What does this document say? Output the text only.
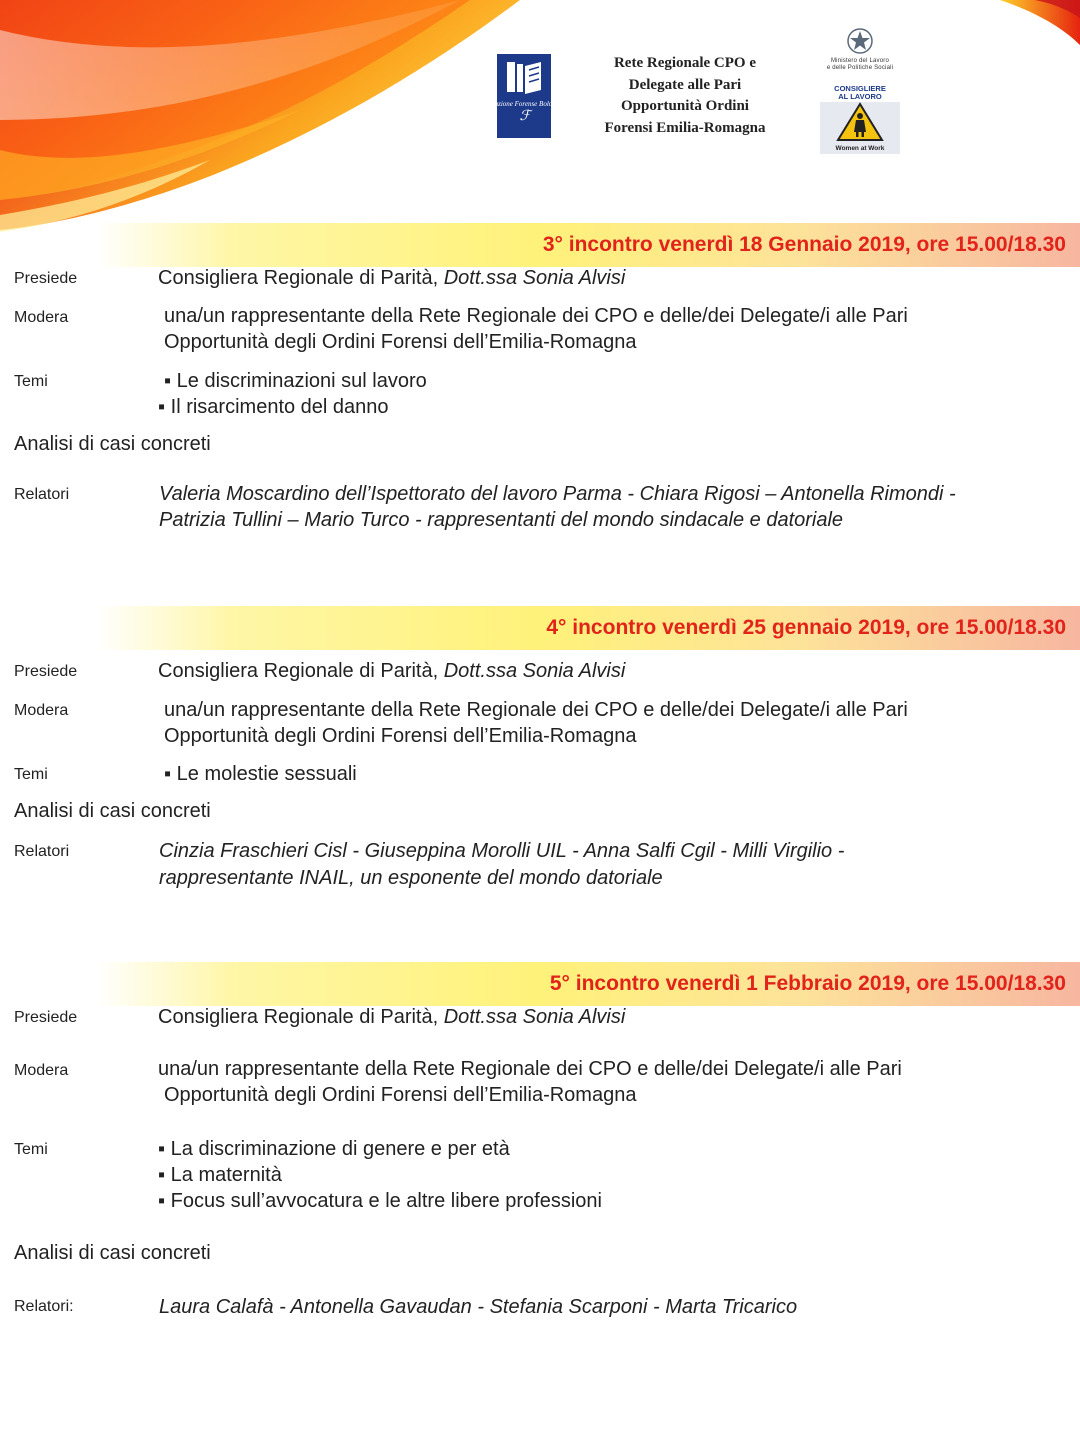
Fondazione Forense Bolognese
ℱ
Rete Regionale CPO e
Delegate alle Pari
Opportunità Ordini
Forensi Emilia-Romagna
Ministero del Lavoro
e delle Politiche Sociali
CONSIGLIERE
AL LAVORO
Women at Work
3° incontro venerdì 18 Gennaio 2019, ore 15.00/18.30
Presiede	Consigliera Regionale di Parità, Dott.ssa Sonia Alvisi
Modera	una/un rappresentante della Rete Regionale dei CPO e delle/dei Delegate/i alle Pari
Opportunità degli Ordini Forensi dell’Emilia-Romagna
Temi	▪ Le discriminazioni sul lavoro
▪ Il risarcimento del danno
Analisi di casi concreti
Relatori	Valeria Moscardino dell’Ispettorato del lavoro Parma - Chiara Rigosi – Antonella Rimondi -
Patrizia Tullini – Mario Turco - rappresentanti del mondo sindacale e datoriale
4° incontro venerdì 25 gennaio 2019, ore 15.00/18.30
Presiede	Consigliera Regionale di Parità, Dott.ssa Sonia Alvisi
Modera	una/un rappresentante della Rete Regionale dei CPO e delle/dei Delegate/i alle Pari
Opportunità degli Ordini Forensi dell’Emilia-Romagna
Temi	▪ Le molestie sessuali
Analisi di casi concreti
Relatori	Cinzia Fraschieri Cisl - Giuseppina Morolli UIL - Anna Salfi Cgil - Milli Virgilio -
rappresentante INAIL, un esponente del mondo datoriale
5° incontro venerdì 1 Febbraio 2019, ore 15.00/18.30
Presiede	Consigliera Regionale di Parità, Dott.ssa Sonia Alvisi
Modera	una/un rappresentante della Rete Regionale dei CPO e delle/dei Delegate/i alle Pari
Opportunità degli Ordini Forensi dell’Emilia-Romagna
Temi	▪ La discriminazione di genere e per età
▪ La maternità
▪ Focus sull’avvocatura e le altre libere professioni
Analisi di casi concreti
Relatori:	Laura Calafà - Antonella Gavaudan - Stefania Scarponi - Marta Tricarico
